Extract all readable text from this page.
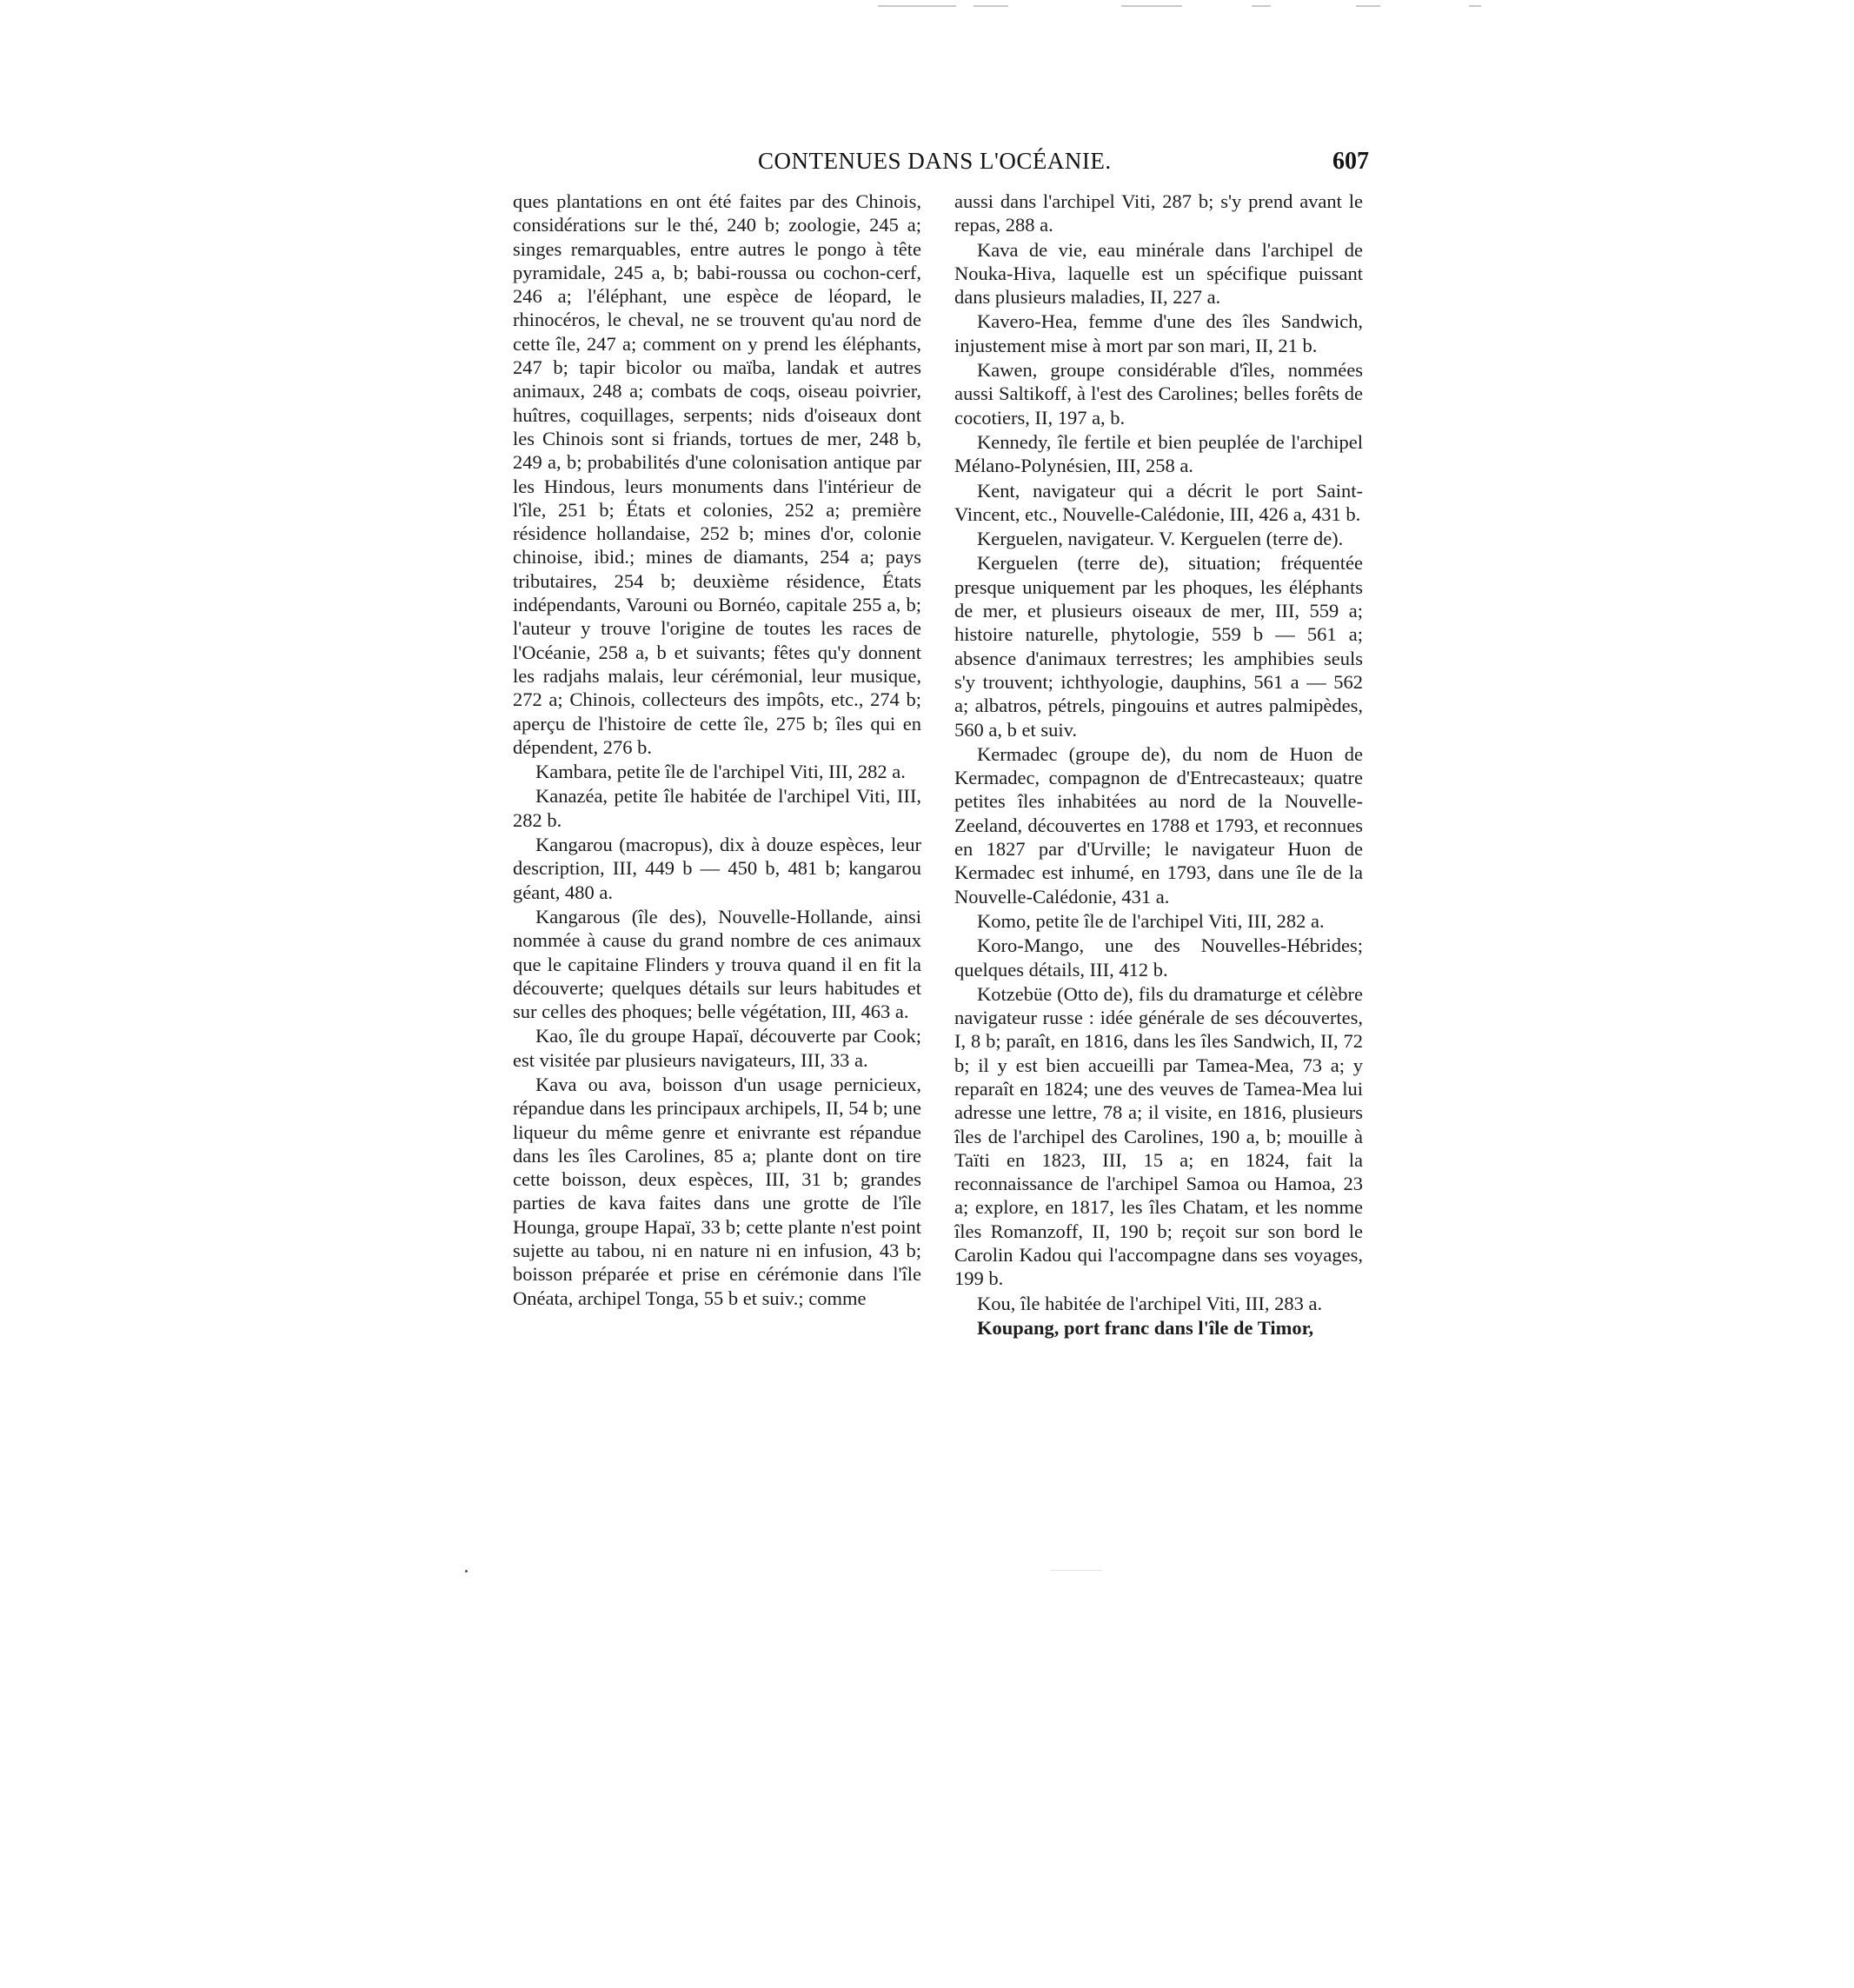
CONTENUES DANS L'OCÉANIE.	607

ques plantations en ont été faites par des Chinois, considérations sur le thé, 240 b; zoologie, 245 a; singes remarquables, entre autres le pongo à tête pyramidale, 245 a, b; babi-roussa ou cochon-cerf, 246 a; l'éléphant, une espèce de léopard, le rhinocéros, le cheval, ne se trouvent qu'au nord de cette île, 247 a; comment on y prend les éléphants, 247 b; tapir bicolor ou maïba, landak et autres animaux, 248 a; combats de coqs, oiseau poivrier, huîtres, coquillages, serpents; nids d'oiseaux dont les Chinois sont si friands, tortues de mer, 248 b, 249 a, b; probabilités d'une colonisation antique par les Hindous, leurs monuments dans l'intérieur de l'île, 251 b; États et colonies, 252 a; première résidence hollandaise, 252 b; mines d'or, colonie chinoise, ibid.; mines de diamants, 254 a; pays tributaires, 254 b; deuxième résidence, États indépendants, Varouni ou Bornéo, capitale 255 a, b; l'auteur y trouve l'origine de toutes les races de l'Océanie, 258 a, b et suivants; fêtes qu'y donnent les radjahs malais, leur cérémonial, leur musique, 272 a; Chinois, collecteurs des impôts, etc., 274 b; aperçu de l'histoire de cette île, 275 b; îles qui en dépendent, 276 b.

Kambara, petite île de l'archipel Viti, III, 282 a.

Kanazéa, petite île habitée de l'archipel Viti, III, 282 b.

Kangarou (macropus), dix à douze espèces, leur description, III, 449 b — 450 b, 481 b; kangarou géant, 480 a.

Kangarous (île des), Nouvelle-Hollande, ainsi nommée à cause du grand nombre de ces animaux que le capitaine Flinders y trouva quand il en fit la découverte; quelques détails sur leurs habitudes et sur celles des phoques; belle végétation, III, 463 a.

Kao, île du groupe Hapaï, découverte par Cook; est visitée par plusieurs navigateurs, III, 33 a.

Kava ou ava, boisson d'un usage pernicieux, répandue dans les principaux archipels, II, 54 b; une liqueur du même genre et enivrante est répandue dans les îles Carolines, 85 a; plante dont on tire cette boisson, deux espèces, III, 31 b; grandes parties de kava faites dans une grotte de l'île Hounga, groupe Hapaï, 33 b; cette plante n'est point sujette au tabou, ni en nature ni en infusion, 43 b; boisson préparée et prise en cérémonie dans l'île Onéata, archipel Tonga, 55 b et suiv.; comme

aussi dans l'archipel Viti, 287 b; s'y prend avant le repas, 288 a.

Kava de vie, eau minérale dans l'archipel de Nouka-Hiva, laquelle est un spécifique puissant dans plusieurs maladies, II, 227 a.

Kavero-Hea, femme d'une des îles Sandwich, injustement mise à mort par son mari, II, 21 b.

Kawen, groupe considérable d'îles, nommées aussi Saltikoff, à l'est des Carolines; belles forêts de cocotiers, II, 197 a, b.

Kennedy, île fertile et bien peuplée de l'archipel Mélano-Polynésien, III, 258 a.

Kent, navigateur qui a décrit le port Saint-Vincent, etc., Nouvelle-Calédonie, III, 426 a, 431 b.

Kerguelen, navigateur. V. Kerguelen (terre de).

Kerguelen (terre de), situation; fréquentée presque uniquement par les phoques, les éléphants de mer, et plusieurs oiseaux de mer, III, 559 a; histoire naturelle, phytologie, 559 b — 561 a; absence d'animaux terrestres; les amphibies seuls s'y trouvent; ichthyologie, dauphins, 561 a — 562 a; albatros, pétrels, pingouins et autres palmipèdes, 560 a, b et suiv.

Kermadec (groupe de), du nom de Huon de Kermadec, compagnon de d'Entrecasteaux; quatre petites îles inhabitées au nord de la Nouvelle-Zeeland, découvertes en 1788 et 1793, et reconnues en 1827 par d'Urville; le navigateur Huon de Kermadec est inhumé, en 1793, dans une île de la Nouvelle-Calédonie, 431 a.

Komo, petite île de l'archipel Viti, III, 282 a.

Koro-Mango, une des Nouvelles-Hébrides; quelques détails, III, 412 b.

Kotzebüe (Otto de), fils du dramaturge et célèbre navigateur russe : idée générale de ses découvertes, I, 8 b; paraît, en 1816, dans les îles Sandwich, II, 72 b; il y est bien accueilli par Tamea-Mea, 73 a; y reparaît en 1824; une des veuves de Tamea-Mea lui adresse une lettre, 78 a; il visite, en 1816, plusieurs îles de l'archipel des Carolines, 190 a, b; mouille à Taïti en 1823, III, 15 a; en 1824, fait la reconnaissance de l'archipel Samoa ou Hamoa, 23 a; explore, en 1817, les îles Chatam, et les nomme îles Romanzoff, II, 190 b; reçoit sur son bord le Carolin Kadou qui l'accompagne dans ses voyages, 199 b.

Kou, île habitée de l'archipel Viti, III, 283 a.

Koupang, port franc dans l'île de Timor,
